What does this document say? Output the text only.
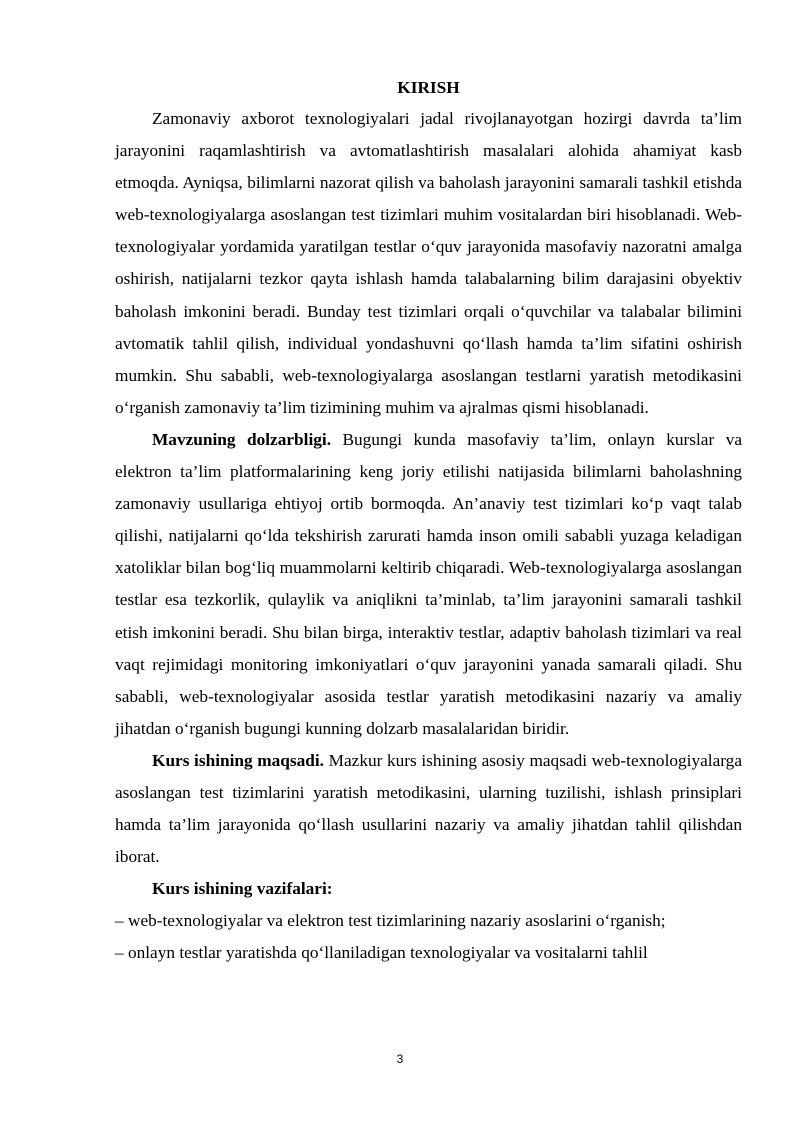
KIRISH

Zamonaviy axborot texnologiyalari jadal rivojlanayotgan hozirgi davrda ta’lim jarayonini raqamlashtirish va avtomatlashtirish masalalari alohida ahamiyat kasb etmoqda. Ayniqsa, bilimlarni nazorat qilish va baholash jarayonini samarali tashkil etishda web-texnologiyalarga asoslangan test tizimlari muhim vositalardan biri hisoblanadi. Web-texnologiyalar yordamida yaratilgan testlar o‘quv jarayonida masofaviy nazoratni amalga oshirish, natijalarni tezkor qayta ishlash hamda talabalarning bilim darajasini obyektiv baholash imkonini beradi. Bunday test tizimlari orqali o‘quvchilar va talabalar bilimini avtomatik tahlil qilish, individual yondashuvni qo‘llash hamda ta’lim sifatini oshirish mumkin. Shu sababli, web-texnologiyalarga asoslangan testlarni yaratish metodikasini o‘rganish zamonaviy ta’lim tizimining muhim va ajralmas qismi hisoblanadi.

Mavzuning dolzarbligi. Bugungi kunda masofaviy ta’lim, onlayn kurslar va elektron ta’lim platformalarining keng joriy etilishi natijasida bilimlarni baholashning zamonaviy usullariga ehtiyoj ortib bormoqda. An’anaviy test tizimlari ko‘p vaqt talab qilishi, natijalarni qo‘lda tekshirish zarurati hamda inson omili sababli yuzaga keladigan xatoliklar bilan bog‘liq muammolarni keltirib chiqaradi. Web-texnologiyalarga asoslangan testlar esa tezkorlik, qulaylik va aniqlikni ta’minlab, ta’lim jarayonini samarali tashkil etish imkonini beradi. Shu bilan birga, interaktiv testlar, adaptiv baholash tizimlari va real vaqt rejimidagi monitoring imkoniyatlari o‘quv jarayonini yanada samarali qiladi. Shu sababli, web-texnologiyalar asosida testlar yaratish metodikasini nazariy va amaliy jihatdan o‘rganish bugungi kunning dolzarb masalalaridan biridir.

Kurs ishining maqsadi. Mazkur kurs ishining asosiy maqsadi web-texnologiyalarga asoslangan test tizimlarini yaratish metodikasini, ularning tuzilishi, ishlash prinsiplari hamda ta’lim jarayonida qo‘llash usullarini nazariy va amaliy jihatdan tahlil qilishdan iborat.

Kurs ishining vazifalari:

– web-texnologiyalar va elektron test tizimlarining nazariy asoslarini o‘rganish;

– onlayn testlar yaratishda qo‘llaniladigan texnologiyalar va vositalarni tahlil

3
